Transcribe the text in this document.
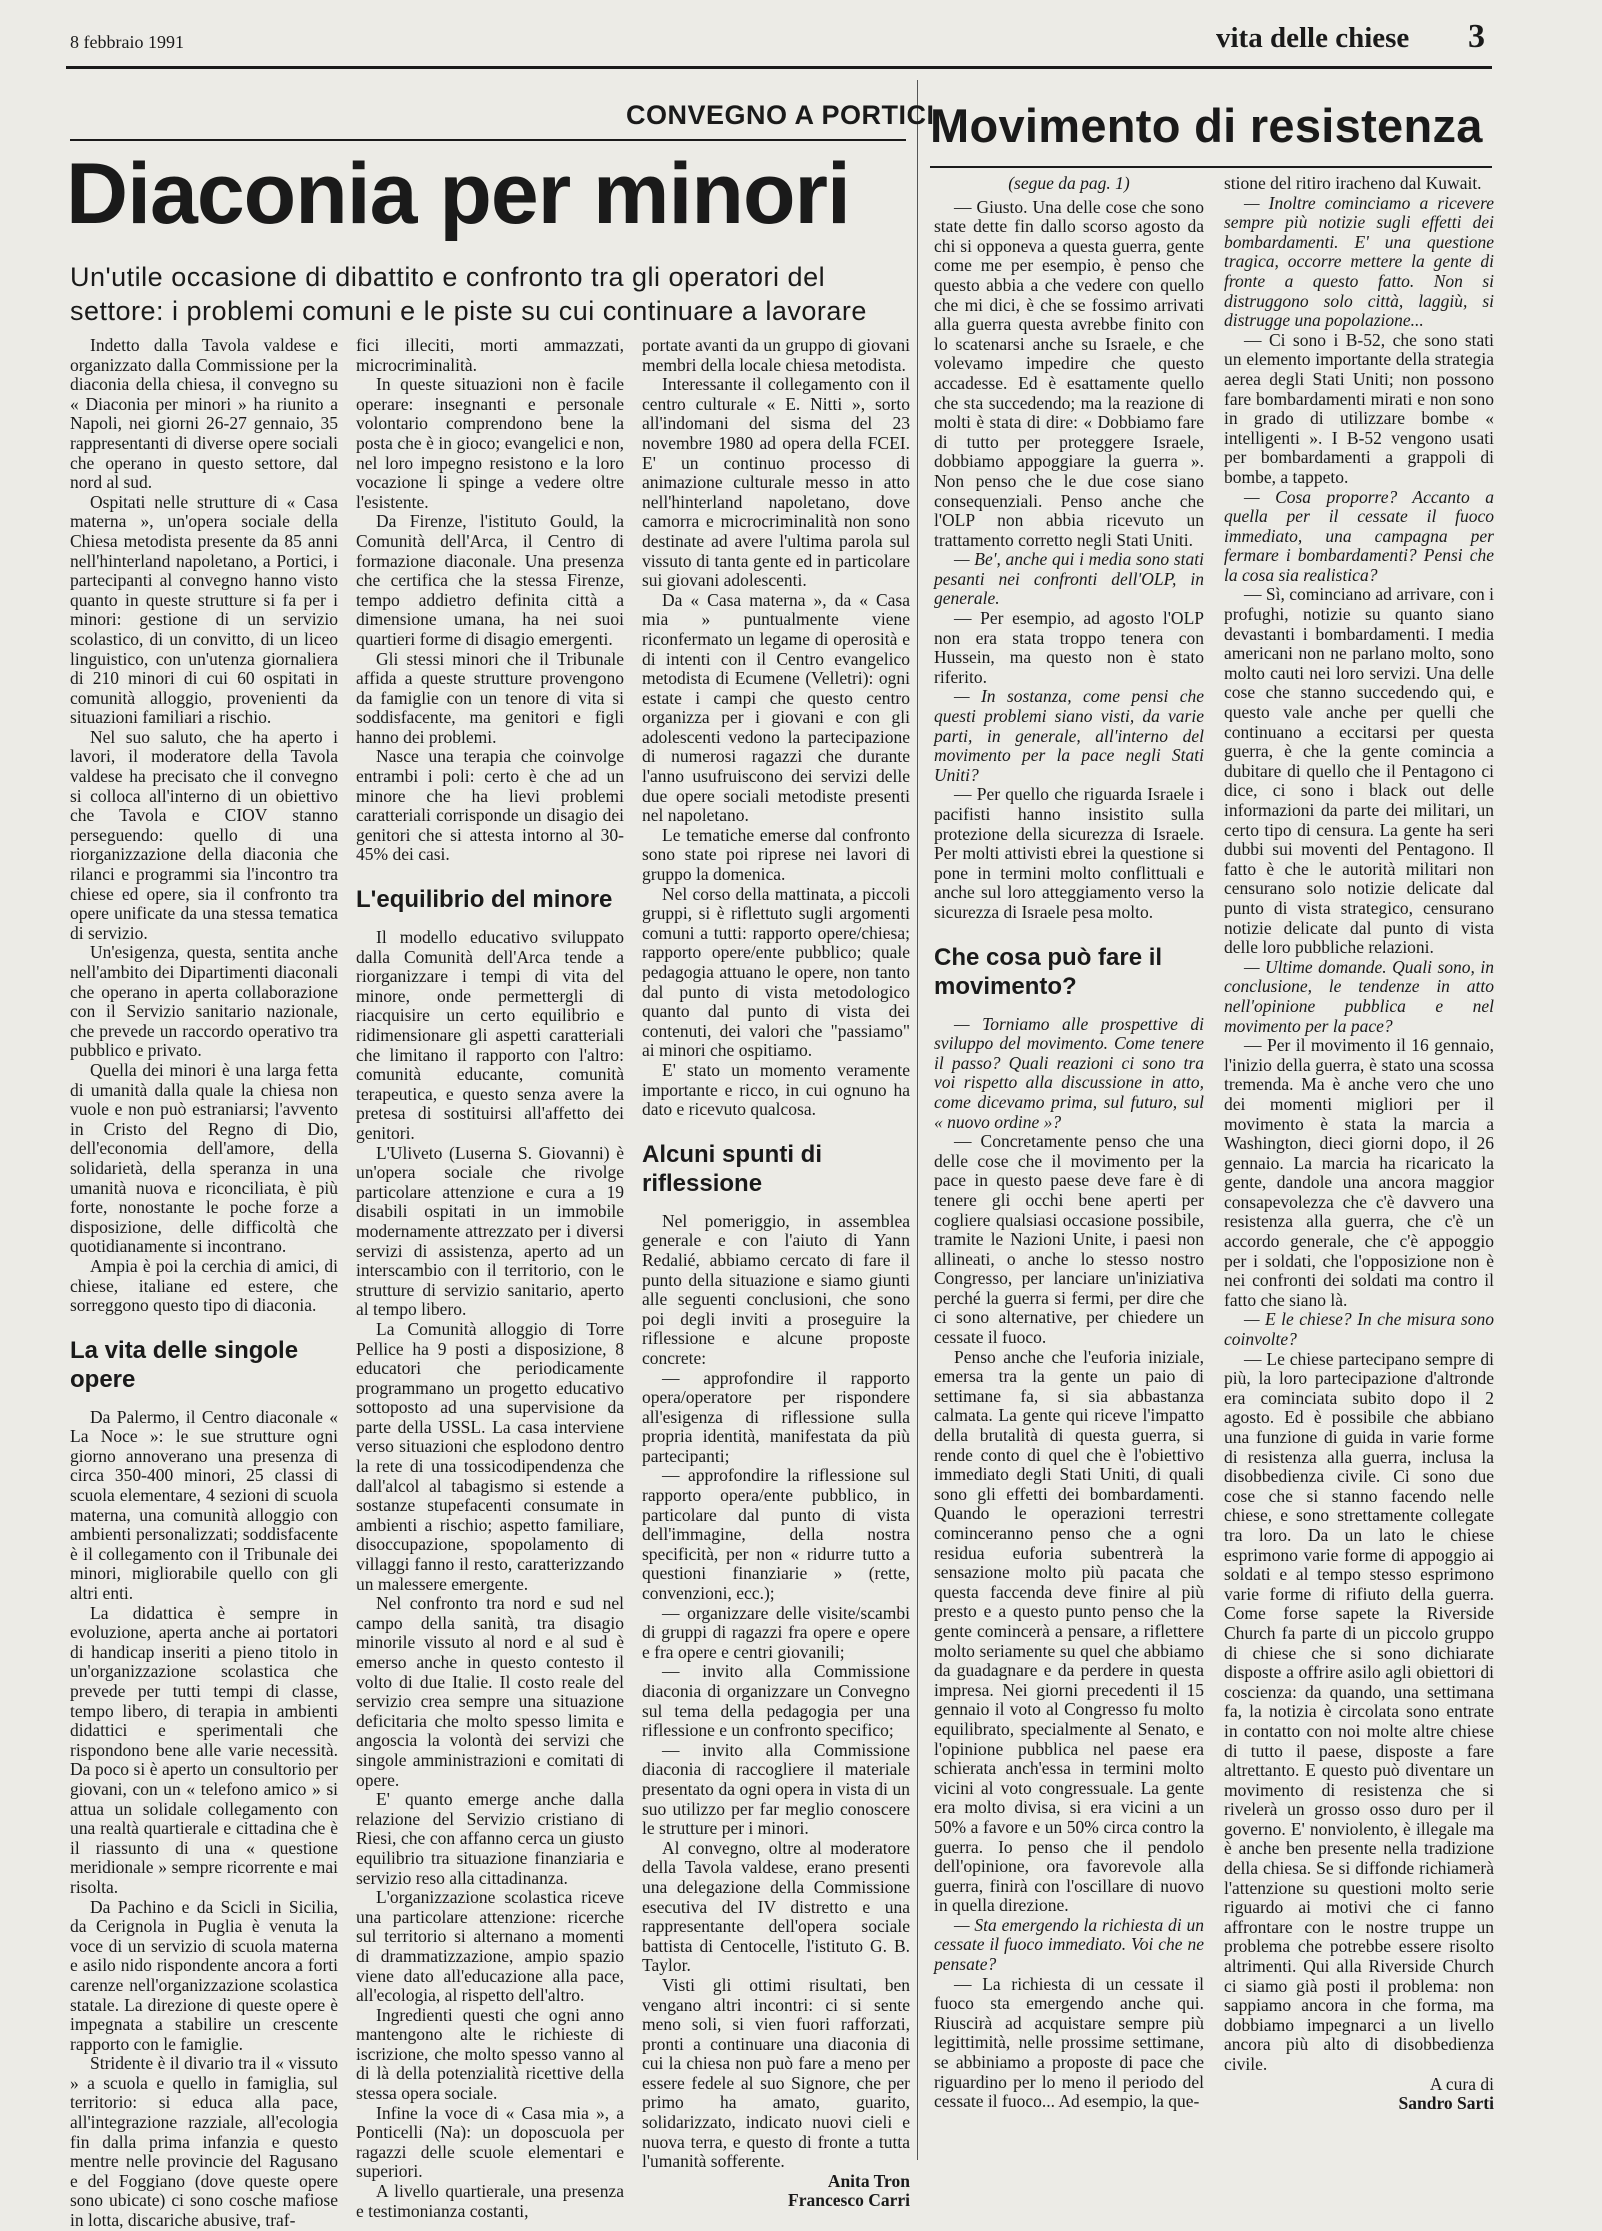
8 febbraio 1991	vita delle chiese 3
CONVEGNO A PORTICI
Diaconia per minori
Un'utile occasione di dibattito e confronto tra gli operatori del settore: i problemi comuni e le piste su cui continuare a lavorare
Movimento di resistenza

Indetto dalla Tavola valdese e organizzato dalla Commissione per la diaconia della chiesa, il convegno su « Diaconia per minori » ha riunito a Napoli, nei giorni 26-27 gennaio, 35 rappresentanti di diverse opere sociali che operano in questo settore, dal nord al sud.

Ospitati nelle strutture di « Casa materna », un'opera sociale della Chiesa metodista presente da 85 anni nell'hinterland napoletano, a Portici, i partecipanti al convegno hanno visto quanto in queste strutture si fa per i minori: gestione di un servizio scolastico, di un convitto, di un liceo linguistico, con un'utenza giornaliera di 210 minori di cui 60 ospitati in comunità alloggio, provenienti da situazioni familiari a rischio.

Nel suo saluto, che ha aperto i lavori, il moderatore della Tavola valdese ha precisato che il convegno si colloca all'interno di un obiettivo che Tavola e CIOV stanno perseguendo: quello di una riorganizzazione della diaconia che rilanci e programmi sia l'incontro tra chiese ed opere, sia il confronto tra opere unificate da una stessa tematica di servizio.

Un'esigenza, questa, sentita anche nell'ambito dei Dipartimenti diaconali che operano in aperta collaborazione con il Servizio sanitario nazionale, che prevede un raccordo operativo tra pubblico e privato.

Quella dei minori è una larga fetta di umanità dalla quale la chiesa non vuole e non può estraniarsi; l'avvento in Cristo del Regno di Dio, dell'economia dell'amore, della solidarietà, della speranza in una umanità nuova e riconciliata, è più forte, nonostante le poche forze a disposizione, delle difficoltà che quotidianamente si incontrano.

Ampia è poi la cerchia di amici, di chiese, italiane ed estere, che sorreggono questo tipo di diaconia.

La vita delle singole opere

Da Palermo, il Centro diaconale « La Noce »: le sue strutture ogni giorno annoverano una presenza di circa 350-400 minori, 25 classi di scuola elementare, 4 sezioni di scuola materna, una comunità alloggio con ambienti personalizzati; soddisfacente è il collegamento con il Tribunale dei minori, migliorabile quello con gli altri enti.

La didattica è sempre in evoluzione, aperta anche ai portatori di handicap inseriti a pieno titolo in un'organizzazione scolastica che prevede per tutti tempi di classe, tempo libero, di terapia in ambienti didattici e sperimentali che rispondono bene alle varie necessità. Da poco si è aperto un consultorio per giovani, con un « telefono amico » si attua un solidale collegamento con una realtà quartierale e cittadina che è il riassunto di una « questione meridionale » sempre ricorrente e mai risolta.

Da Pachino e da Scicli in Sicilia, da Cerignola in Puglia è venuta la voce di un servizio di scuola materna e asilo nido rispondente ancora a forti carenze nell'organizzazione scolastica statale. La direzione di queste opere è impegnata a stabilire un crescente rapporto con le famiglie.

Stridente è il divario tra il « vissuto » a scuola e quello in famiglia, sul territorio: si educa alla pace, all'integrazione razziale, all'ecologia fin dalla prima infanzia e questo mentre nelle provincie del Ragusano e del Foggiano (dove queste opere sono ubicate) ci sono cosche mafiose in lotta, discariche abusive, traf-

fici illeciti, morti ammazzati, microcriminalità.

In queste situazioni non è facile operare: insegnanti e personale volontario comprendono bene la posta che è in gioco; evangelici e non, nel loro impegno resistono e la loro vocazione li spinge a vedere oltre l'esistente.

Da Firenze, l'istituto Gould, la Comunità dell'Arca, il Centro di formazione diaconale. Una presenza che certifica che la stessa Firenze, tempo addietro definita città a dimensione umana, ha nei suoi quartieri forme di disagio emergenti.

Gli stessi minori che il Tribunale affida a queste strutture provengono da famiglie con un tenore di vita si soddisfacente, ma genitori e figli hanno dei problemi.

Nasce una terapia che coinvolge entrambi i poli: certo è che ad un minore che ha lievi problemi caratteriali corrisponde un disagio dei genitori che si attesta intorno al 30-45% dei casi.

L'equilibrio del minore

Il modello educativo sviluppato dalla Comunità dell'Arca tende a riorganizzare i tempi di vita del minore, onde permettergli di riacquisire un certo equilibrio e ridimensionare gli aspetti caratteriali che limitano il rapporto con l'altro: comunità educante, comunità terapeutica, e questo senza avere la pretesa di sostituirsi all'affetto dei genitori.

L'Uliveto (Luserna S. Giovanni) è un'opera sociale che rivolge particolare attenzione e cura a 19 disabili ospitati in un immobile modernamente attrezzato per i diversi servizi di assistenza, aperto ad un interscambio con il territorio, con le strutture di servizio sanitario, aperto al tempo libero.

La Comunità alloggio di Torre Pellice ha 9 posti a disposizione, 8 educatori che periodicamente programmano un progetto educativo sottoposto ad una supervisione da parte della USSL. La casa interviene verso situazioni che esplodono dentro la rete di una tossicodipendenza che dall'alcol al tabagismo si estende a sostanze stupefacenti consumate in ambienti a rischio; aspetto familiare, disoccupazione, spopolamento di villaggi fanno il resto, caratterizzando un malessere emergente.

Nel confronto tra nord e sud nel campo della sanità, tra disagio minorile vissuto al nord e al sud è emerso anche in questo contesto il volto di due Italie. Il costo reale del servizio crea sempre una situazione deficitaria che molto spesso limita e angoscia la volontà dei servizi che singole amministrazioni e comitati di opere.

E' quanto emerge anche dalla relazione del Servizio cristiano di Riesi, che con affanno cerca un giusto equilibrio tra situazione finanziaria e servizio reso alla cittadinanza.

L'organizzazione scolastica riceve una particolare attenzione: ricerche sul territorio si alternano a momenti di drammatizzazione, ampio spazio viene dato all'educazione alla pace, all'ecologia, al rispetto dell'altro.

Ingredienti questi che ogni anno mantengono alte le richieste di iscrizione, che molto spesso vanno al di là della potenzialità ricettive della stessa opera sociale.

Infine la voce di « Casa mia », a Ponticelli (Na): un doposcuola per ragazzi delle scuole elementari e superiori.

A livello quartierale, una presenza e testimonianza costanti,

portate avanti da un gruppo di giovani membri della locale chiesa metodista.

Interessante il collegamento con il centro culturale « E. Nitti », sorto all'indomani del sisma del 23 novembre 1980 ad opera della FCEI. E' un continuo processo di animazione culturale messo in atto nell'hinterland napoletano, dove camorra e microcriminalità non sono destinate ad avere l'ultima parola sul vissuto di tanta gente ed in particolare sui giovani adolescenti.

Da « Casa materna », da « Casa mia » puntualmente viene riconfermato un legame di operosità e di intenti con il Centro evangelico metodista di Ecumene (Velletri): ogni estate i campi che questo centro organizza per i giovani e con gli adolescenti vedono la partecipazione di numerosi ragazzi che durante l'anno usufruiscono dei servizi delle due opere sociali metodiste presenti nel napoletano.

Le tematiche emerse dal confronto sono state poi riprese nei lavori di gruppo la domenica.

Nel corso della mattinata, a piccoli gruppi, si è riflettuto sugli argomenti comuni a tutti: rapporto opere/chiesa; rapporto opere/ente pubblico; quale pedagogia attuano le opere, non tanto dal punto di vista metodologico quanto dal punto di vista dei contenuti, dei valori che "passiamo" ai minori che ospitiamo.

E' stato un momento veramente importante e ricco, in cui ognuno ha dato e ricevuto qualcosa.

Alcuni spunti di riflessione

Nel pomeriggio, in assemblea generale e con l'aiuto di Yann Redalié, abbiamo cercato di fare il punto della situazione e siamo giunti alle seguenti conclusioni, che sono poi degli inviti a proseguire la riflessione e alcune proposte concrete:

— approfondire il rapporto opera/operatore per rispondere all'esigenza di riflessione sulla propria identità, manifestata da più partecipanti;

— approfondire la riflessione sul rapporto opera/ente pubblico, in particolare dal punto di vista dell'immagine, della nostra specificità, per non « ridurre tutto a questioni finanziarie » (rette, convenzioni, ecc.);

— organizzare delle visite/scambi di gruppi di ragazzi fra opere e opere e fra opere e centri giovanili;

— invito alla Commissione diaconia di organizzare un Convegno sul tema della pedagogia per una riflessione e un confronto specifico;

— invito alla Commissione diaconia di raccogliere il materiale presentato da ogni opera in vista di un suo utilizzo per far meglio conoscere le strutture per i minori.

Al convegno, oltre al moderatore della Tavola valdese, erano presenti una delegazione della Commissione esecutiva del IV distretto e una rappresentante dell'opera sociale battista di Centocelle, l'istituto G. B. Taylor.

Visti gli ottimi risultati, ben vengano altri incontri: ci si sente meno soli, si vien fuori rafforzati, pronti a continuare una diaconia di cui la chiesa non può fare a meno per essere fedele al suo Signore, che per primo ha amato, guarito, solidarizzato, indicato nuovi cieli e nuova terra, e questo di fronte a tutta l'umanità sofferente.

Anita Tron

Francesco Carri

(segue da pag. 1)

— Giusto. Una delle cose che sono state dette fin dallo scorso agosto da chi si opponeva a questa guerra, gente come me per esempio, è penso che questo abbia a che vedere con quello che mi dici, è che se fossimo arrivati alla guerra questa avrebbe finito con lo scatenarsi anche su Israele, e che volevamo impedire che questo accadesse. Ed è esattamente quello che sta succedendo; ma la reazione di molti è stata di dire: « Dobbiamo fare di tutto per proteggere Israele, dobbiamo appoggiare la guerra ». Non penso che le due cose siano consequenziali. Penso anche che l'OLP non abbia ricevuto un trattamento corretto negli Stati Uniti.

— Be', anche qui i media sono stati pesanti nei confronti dell'OLP, in generale.

— Per esempio, ad agosto l'OLP non era stata troppo tenera con Hussein, ma questo non è stato riferito.

— In sostanza, come pensi che questi problemi siano visti, da varie parti, in generale, all'interno del movimento per la pace negli Stati Uniti?

— Per quello che riguarda Israele i pacifisti hanno insistito sulla protezione della sicurezza di Israele. Per molti attivisti ebrei la questione si pone in termini molto conflittuali e anche sul loro atteggiamento verso la sicurezza di Israele pesa molto.

Che cosa può fare il movimento?

— Torniamo alle prospettive di sviluppo del movimento. Come tenere il passo? Quali reazioni ci sono tra voi rispetto alla discussione in atto, come dicevamo prima, sul futuro, sul « nuovo ordine »?

— Concretamente penso che una delle cose che il movimento per la pace in questo paese deve fare è di tenere gli occhi bene aperti per cogliere qualsiasi occasione possibile, tramite le Nazioni Unite, i paesi non allineati, o anche lo stesso nostro Congresso, per lanciare un'iniziativa perché la guerra si fermi, per dire che ci sono alternative, per chiedere un cessate il fuoco.

Penso anche che l'euforia iniziale, emersa tra la gente un paio di settimane fa, si sia abbastanza calmata. La gente qui riceve l'impatto della brutalità di questa guerra, si rende conto di quel che è l'obiettivo immediato degli Stati Uniti, di quali sono gli effetti dei bombardamenti. Quando le operazioni terrestri cominceranno penso che a ogni residua euforia subentrerà la sensazione molto più pacata che questa faccenda deve finire al più presto e a questo punto penso che la gente comincerà a pensare, a riflettere molto seriamente su quel che abbiamo da guadagnare e da perdere in questa impresa. Nei giorni precedenti il 15 gennaio il voto al Congresso fu molto equilibrato, specialmente al Senato, e l'opinione pubblica nel paese era schierata anch'essa in termini molto vicini al voto congressuale. La gente era molto divisa, si era vicini a un 50% a favore e un 50% circa contro la guerra. Io penso che il pendolo dell'opinione, ora favorevole alla guerra, finirà con l'oscillare di nuovo in quella direzione.

— Sta emergendo la richiesta di un cessate il fuoco immediato. Voi che ne pensate?

— La richiesta di un cessate il fuoco sta emergendo anche qui. Riuscirà ad acquistare sempre più legittimità, nelle prossime settimane, se abbiniamo a proposte di pace che riguardino per lo meno il periodo del cessate il fuoco... Ad esempio, la que-

stione del ritiro iracheno dal Kuwait.

— Inoltre cominciamo a ricevere sempre più notizie sugli effetti dei bombardamenti. E' una questione tragica, occorre mettere la gente di fronte a questo fatto. Non si distruggono solo città, laggiù, si distrugge una popolazione...

— Ci sono i B-52, che sono stati un elemento importante della strategia aerea degli Stati Uniti; non possono fare bombardamenti mirati e non sono in grado di utilizzare bombe « intelligenti ». I B-52 vengono usati per bombardamenti a grappoli di bombe, a tappeto.

— Cosa proporre? Accanto a quella per il cessate il fuoco immediato, una campagna per fermare i bombardamenti? Pensi che la cosa sia realistica?

— Sì, cominciano ad arrivare, con i profughi, notizie su quanto siano devastanti i bombardamenti. I media americani non ne parlano molto, sono molto cauti nei loro servizi. Una delle cose che stanno succedendo qui, e questo vale anche per quelli che continuano a eccitarsi per questa guerra, è che la gente comincia a dubitare di quello che il Pentagono ci dice, ci sono i black out delle informazioni da parte dei militari, un certo tipo di censura. La gente ha seri dubbi sui moventi del Pentagono. Il fatto è che le autorità militari non censurano solo notizie delicate dal punto di vista strategico, censurano notizie delicate dal punto di vista delle loro pubbliche relazioni.

— Ultime domande. Quali sono, in conclusione, le tendenze in atto nell'opinione pubblica e nel movimento per la pace?

— Per il movimento il 16 gennaio, l'inizio della guerra, è stato una scossa tremenda. Ma è anche vero che uno dei momenti migliori per il movimento è stata la marcia a Washington, dieci giorni dopo, il 26 gennaio. La marcia ha ricaricato la gente, dandole una ancora maggior consapevolezza che c'è davvero una resistenza alla guerra, che c'è un accordo generale, che c'è appoggio per i soldati, che l'opposizione non è nei confronti dei soldati ma contro il fatto che siano là.

— E le chiese? In che misura sono coinvolte?

— Le chiese partecipano sempre di più, la loro partecipazione d'altronde era cominciata subito dopo il 2 agosto. Ed è possibile che abbiano una funzione di guida in varie forme di resistenza alla guerra, inclusa la disobbedienza civile. Ci sono due cose che si stanno facendo nelle chiese, e sono strettamente collegate tra loro. Da un lato le chiese esprimono varie forme di appoggio ai soldati e al tempo stesso esprimono varie forme di rifiuto della guerra. Come forse sapete la Riverside Church fa parte di un piccolo gruppo di chiese che si sono dichiarate disposte a offrire asilo agli obiettori di coscienza: da quando, una settimana fa, la notizia è circolata sono entrate in contatto con noi molte altre chiese di tutto il paese, disposte a fare altrettanto. E questo può diventare un movimento di resistenza che si rivelerà un grosso osso duro per il governo. E' nonviolento, è illegale ma è anche ben presente nella tradizione della chiesa. Se si diffonde richiamerà l'attenzione su questioni molto serie riguardo ai motivi che ci fanno affrontare con le nostre truppe un problema che potrebbe essere risolto altrimenti. Qui alla Riverside Church ci siamo già posti il problema: non sappiamo ancora in che forma, ma dobbiamo impegnarci a un livello ancora più alto di disobbedienza civile.

A cura di

Sandro Sarti
